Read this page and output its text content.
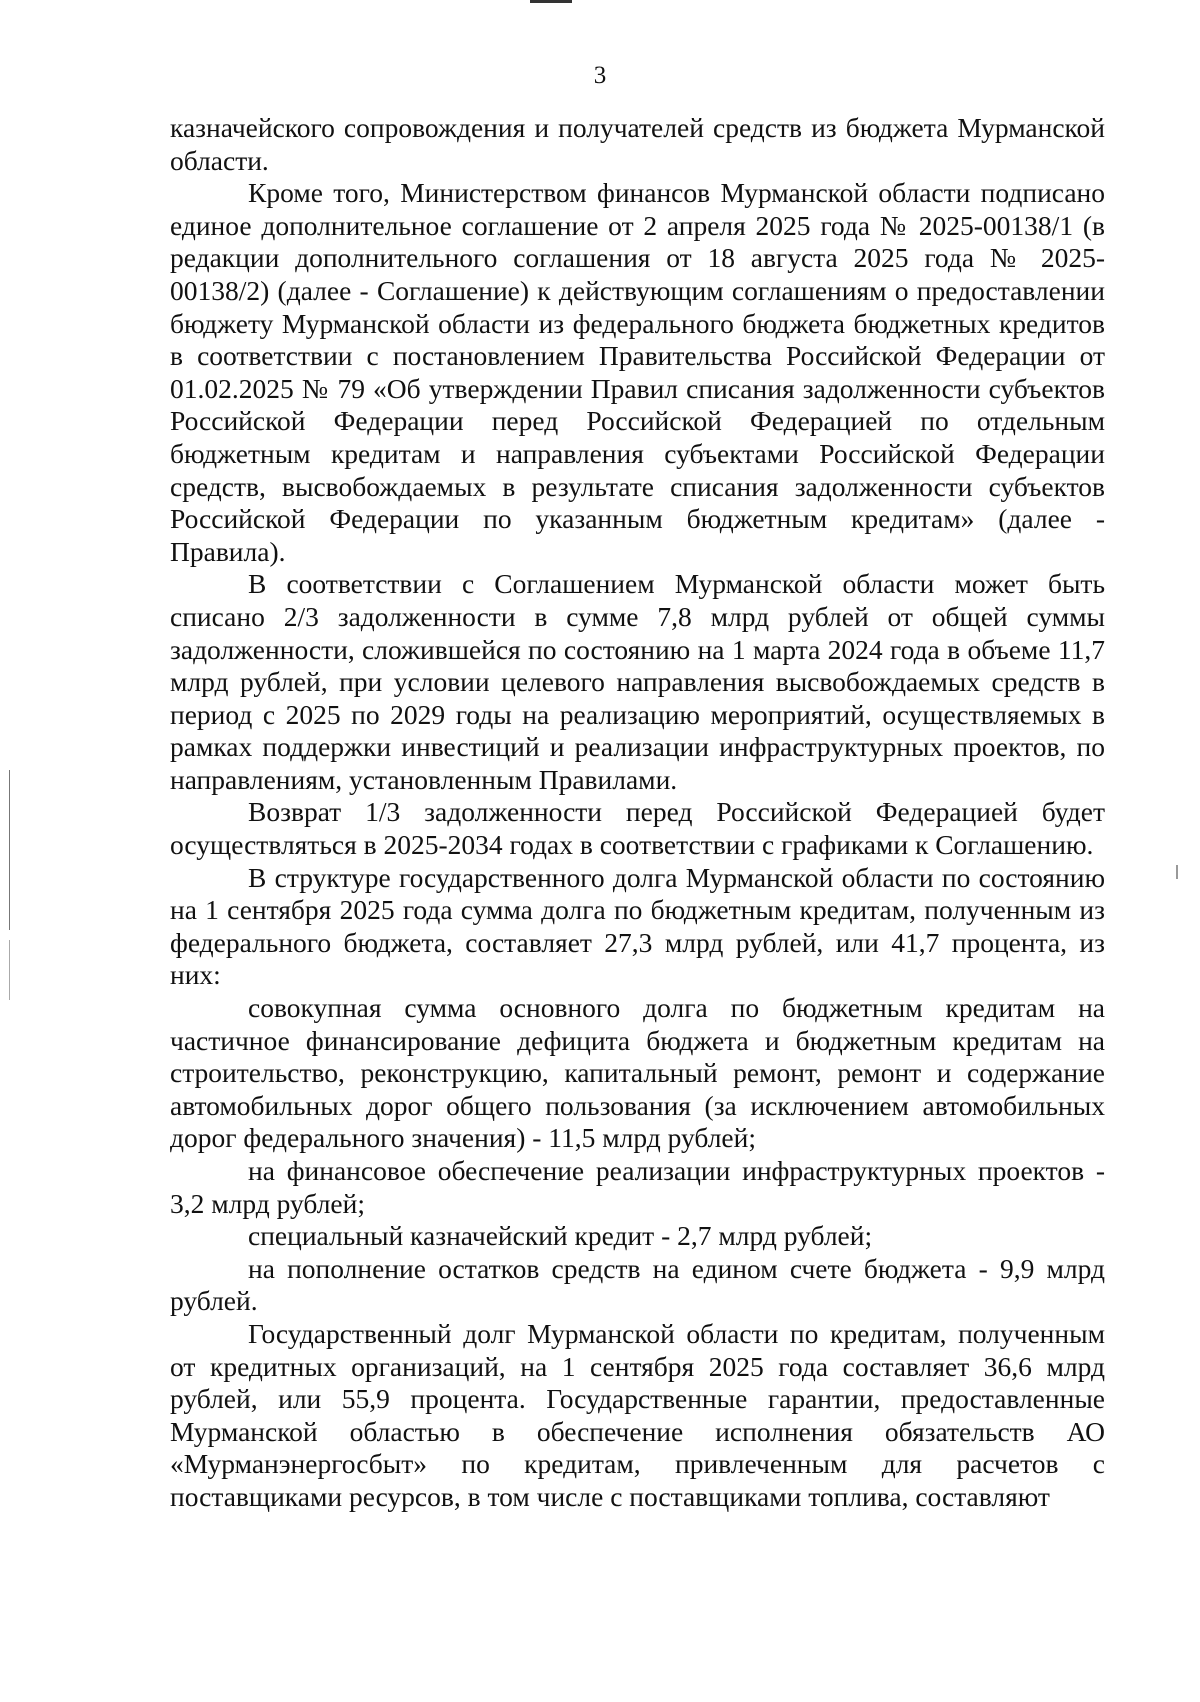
3

казначейского сопровождения и получателей средств из бюджета Мурманской области.

Кроме того, Министерством финансов Мурманской области подписано единое дополнительное соглашение от 2 апреля 2025 года № 2025-00138/1 (в редакции дополнительного соглашения от 18 августа 2025 года № 2025-00138/2) (далее - Соглашение) к действующим соглашениям о предоставлении бюджету Мурманской области из федерального бюджета бюджетных кредитов в соответствии с постановлением Правительства Российской Федерации от 01.02.2025 № 79 «Об утверждении Правил списания задолженности субъектов Российской Федерации перед Российской Федерацией по отдельным бюджетным кредитам и направления субъектами Российской Федерации средств, высвобождаемых в результате списания задолженности субъектов Российской Федерации по указанным бюджетным кредитам» (далее - Правила).

В соответствии с Соглашением Мурманской области может быть списано 2/3 задолженности в сумме 7,8 млрд рублей от общей суммы задолженности, сложившейся по состоянию на 1 марта 2024 года в объеме 11,7 млрд рублей, при условии целевого направления высвобождаемых средств в период с 2025 по 2029 годы на реализацию мероприятий, осуществляемых в рамках поддержки инвестиций и реализации инфраструктурных проектов, по направлениям, установленным Правилами.

Возврат 1/3 задолженности перед Российской Федерацией будет осуществляться в 2025-2034 годах в соответствии с графиками к Соглашению.

В структуре государственного долга Мурманской области по состоянию на 1 сентября 2025 года сумма долга по бюджетным кредитам, полученным из федерального бюджета, составляет 27,3 млрд рублей, или 41,7 процента, из них:

совокупная сумма основного долга по бюджетным кредитам на частичное финансирование дефицита бюджета и бюджетным кредитам на строительство, реконструкцию, капитальный ремонт, ремонт и содержание автомобильных дорог общего пользования (за исключением автомобильных дорог федерального значения) - 11,5 млрд рублей;

на финансовое обеспечение реализации инфраструктурных проектов - 3,2 млрд рублей;

специальный казначейский кредит - 2,7 млрд рублей;

на пополнение остатков средств на едином счете бюджета - 9,9 млрд рублей.

Государственный долг Мурманской области по кредитам, полученным от кредитных организаций, на 1 сентября 2025 года составляет 36,6 млрд рублей, или 55,9 процента. Государственные гарантии, предоставленные Мурманской областью в обеспечение исполнения обязательств АО «Мурманэнергосбыт» по кредитам, привлеченным для расчетов с поставщиками ресурсов, в том числе с поставщиками топлива, составляют
